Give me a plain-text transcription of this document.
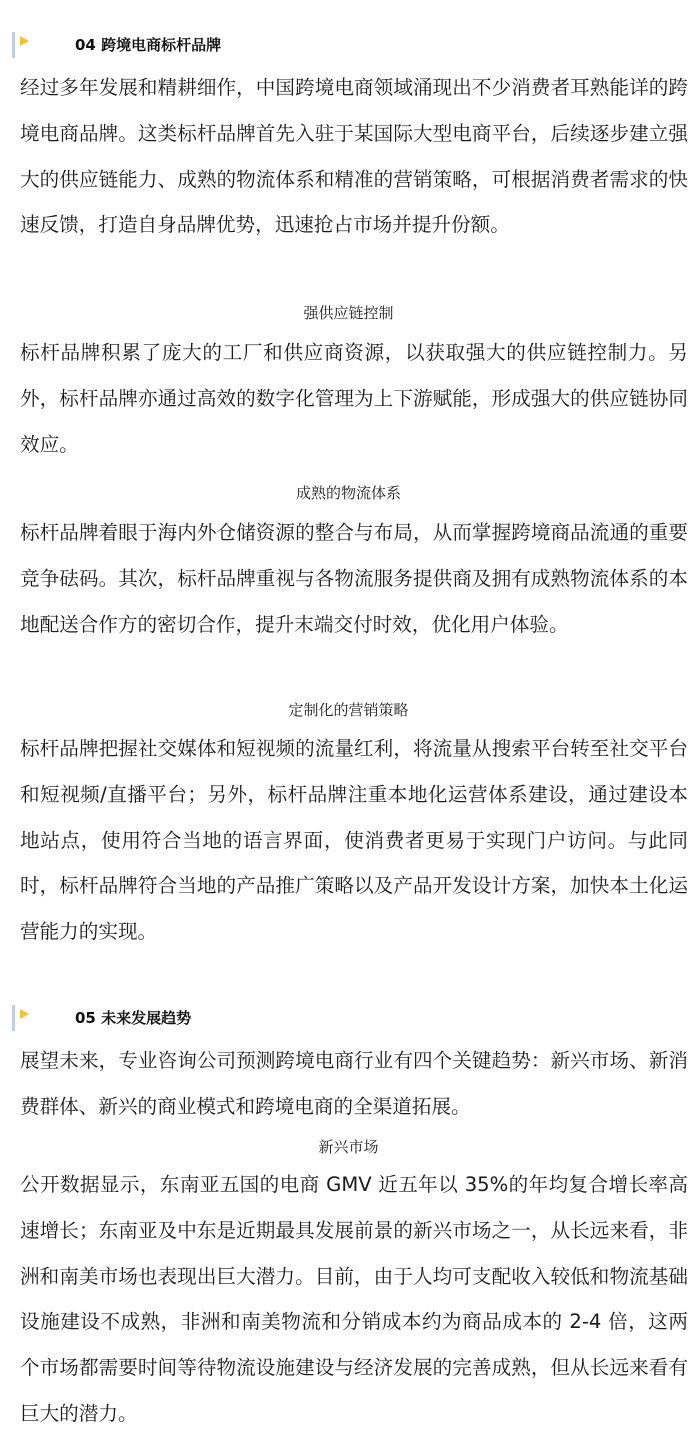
04 跨境电商标杆品牌

经过多年发展和精耕细作，中国跨境电商领域涌现出不少消费者耳熟能详的跨境电商品牌。这类标杆品牌首先入驻于某国际大型电商平台，后续逐步建立强大的供应链能力、成熟的物流体系和精准的营销策略，可根据消费者需求的快速反馈，打造自身品牌优势，迅速抢占市场并提升份额。

强供应链控制

标杆品牌积累了庞大的工厂和供应商资源，以获取强大的供应链控制力。另外，标杆品牌亦通过高效的数字化管理为上下游赋能，形成强大的供应链协同效应。

成熟的物流体系

标杆品牌着眼于海内外仓储资源的整合与布局，从而掌握跨境商品流通的重要竞争砝码。其次，标杆品牌重视与各物流服务提供商及拥有成熟物流体系的本地配送合作方的密切合作，提升末端交付时效，优化用户体验。

定制化的营销策略

标杆品牌把握社交媒体和短视频的流量红利，将流量从搜索平台转至社交平台和短视频/直播平台；另外，标杆品牌注重本地化运营体系建设，通过建设本地站点，使用符合当地的语言界面，使消费者更易于实现门户访问。与此同时，标杆品牌符合当地的产品推广策略以及产品开发设计方案，加快本土化运营能力的实现。

05 未来发展趋势

展望未来，专业咨询公司预测跨境电商行业有四个关键趋势：新兴市场、新消费群体、新兴的商业模式和跨境电商的全渠道拓展。

新兴市场

公开数据显示，东南亚五国的电商 GMV 近五年以 35%的年均复合增长率高速增长；东南亚及中东是近期最具发展前景的新兴市场之一，从长远来看，非洲和南美市场也表现出巨大潜力。目前，由于人均可支配收入较低和物流基础设施建设不成熟，非洲和南美物流和分销成本约为商品成本的 2-4 倍，这两个市场都需要时间等待物流设施建设与经济发展的完善成熟，但从长远来看有巨大的潜力。
